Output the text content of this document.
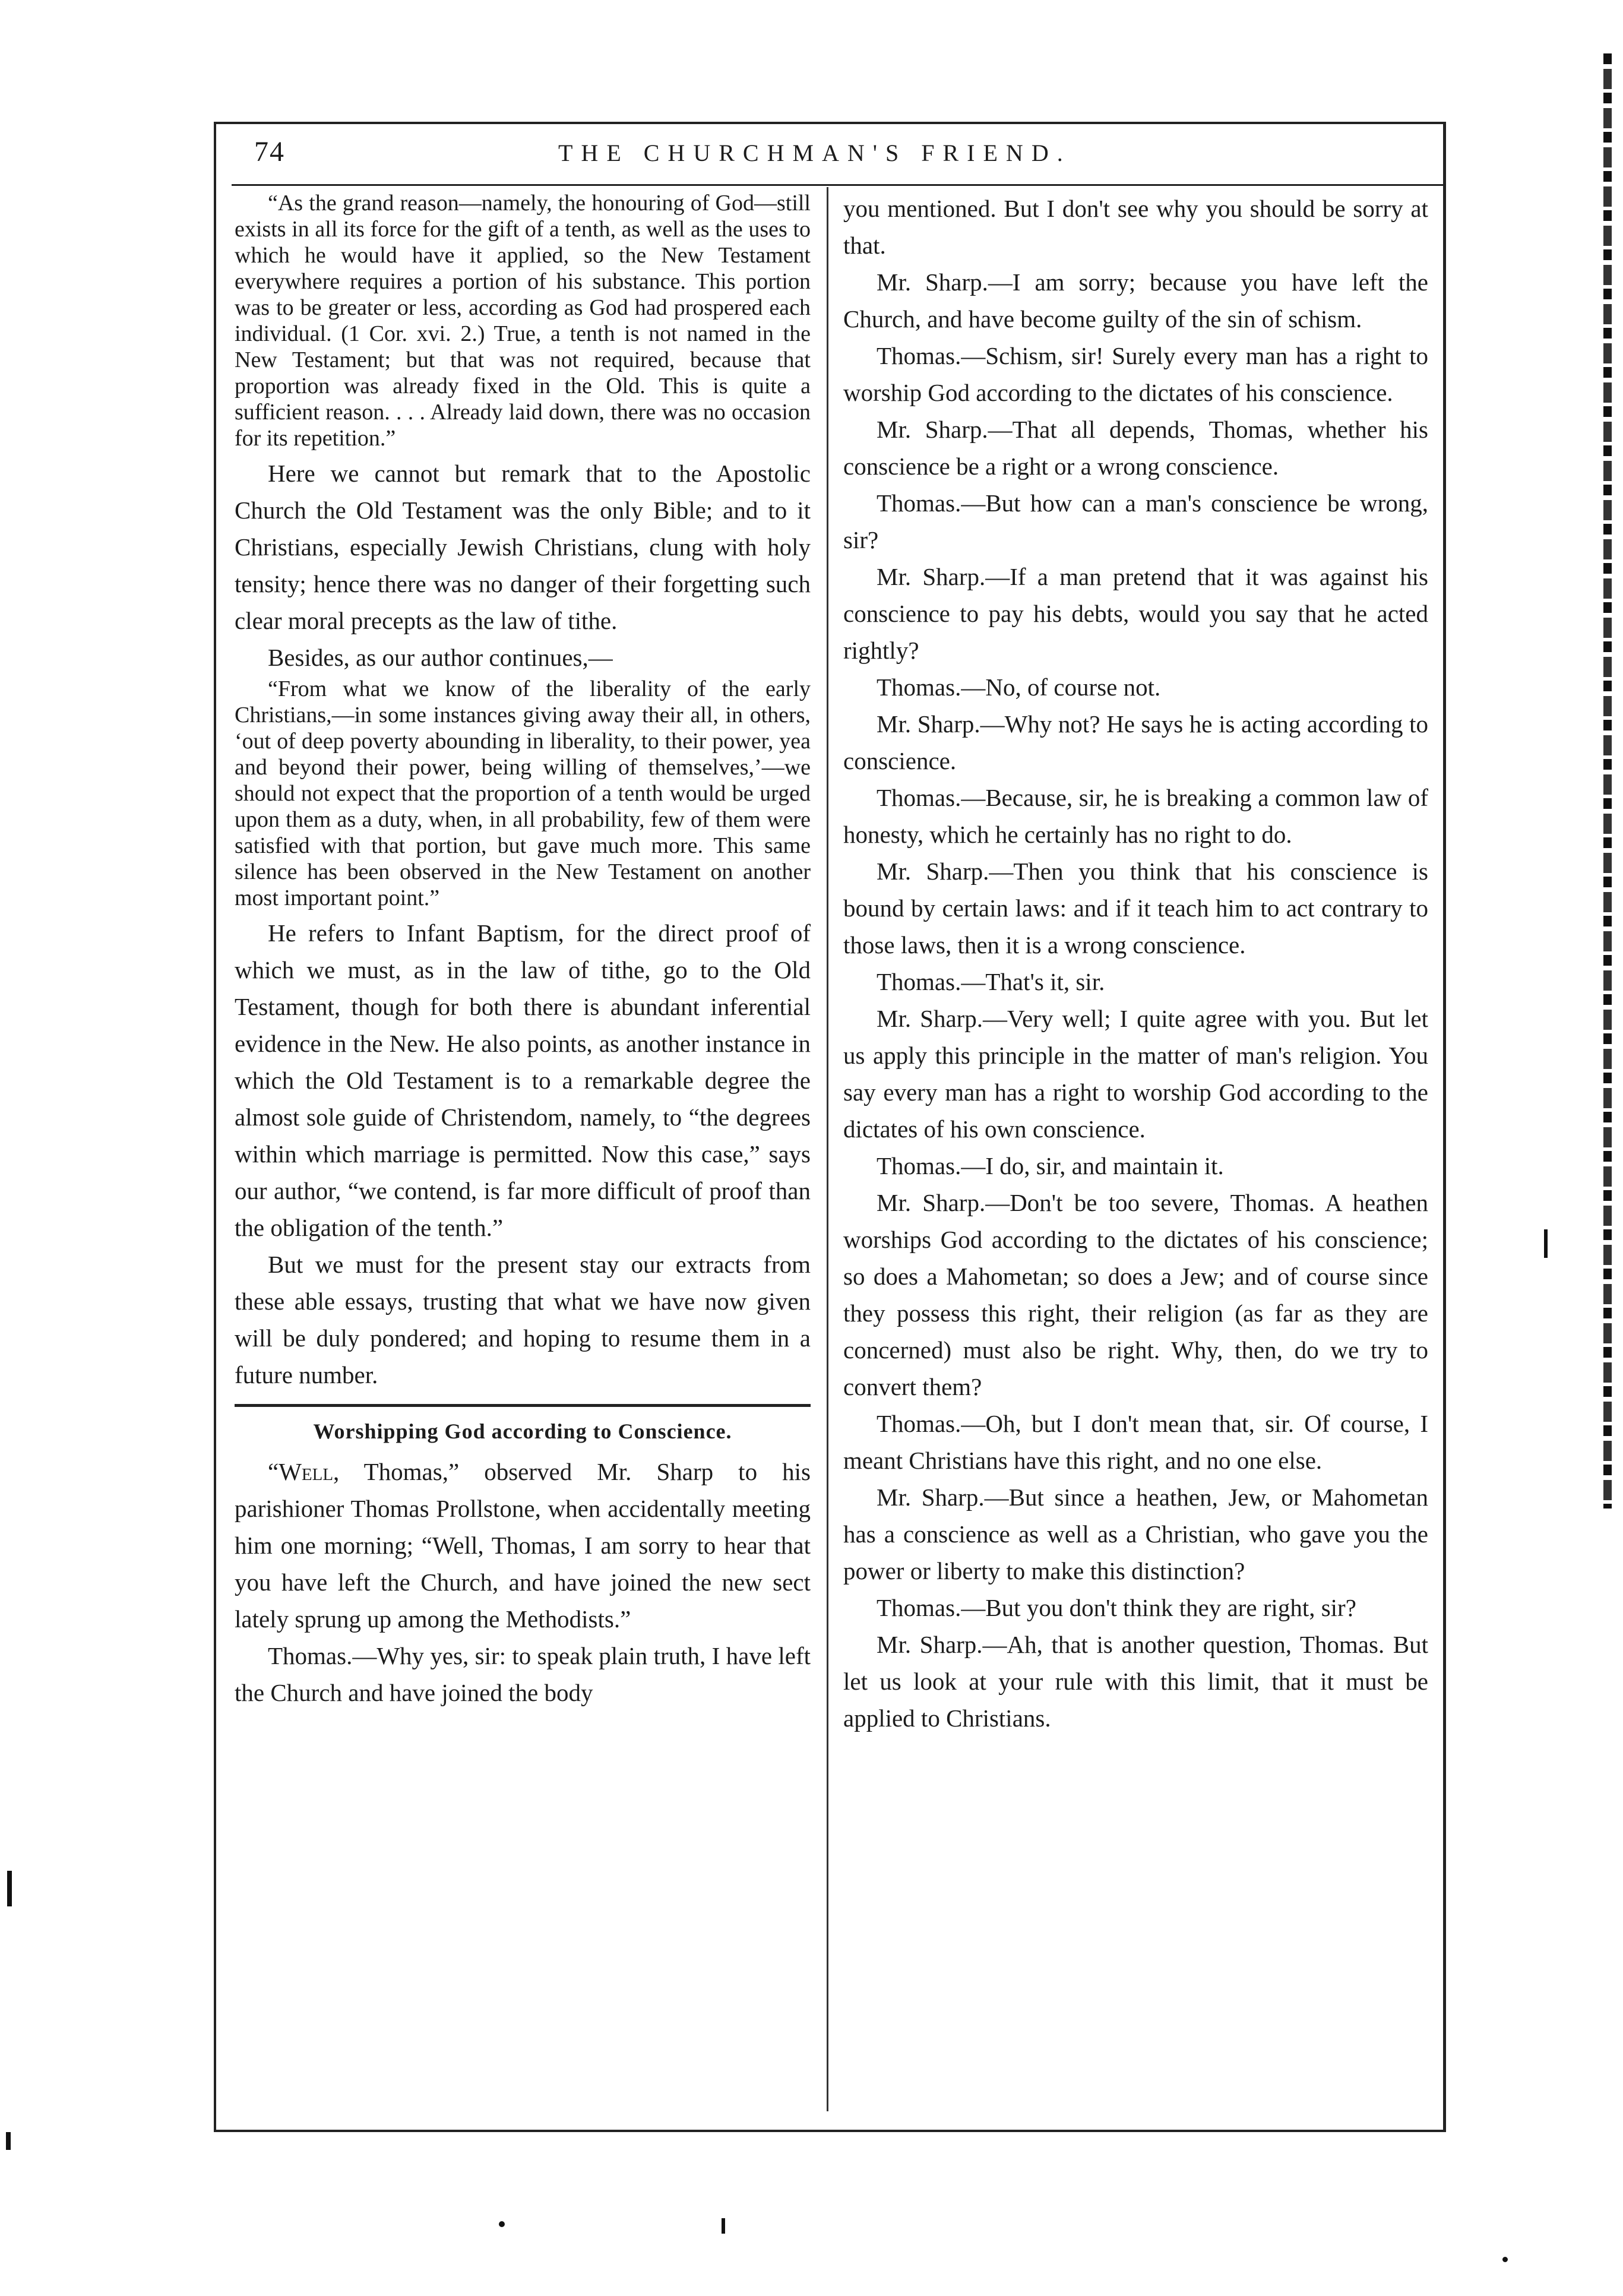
74	THE CHURCHMAN'S FRIEND.

“As the grand reason—namely, the honouring of God—still exists in all its force for the gift of a tenth, as well as the uses to which he would have it applied, so the New Testament everywhere requires a portion of his substance. This portion was to be greater or less, according as God had prospered each individual. (1 Cor. xvi. 2.) True, a tenth is not named in the New Testament; but that was not required, because that proportion was already fixed in the Old. This is quite a sufficient reason. . . . Already laid down, there was no occasion for its repetition.”

Here we cannot but remark that to the Apostolic Church the Old Testament was the only Bible; and to it Christians, especially Jewish Christians, clung with holy tensity; hence there was no danger of their forgetting such clear moral precepts as the law of tithe.

Besides, as our author continues,—

“From what we know of the liberality of the early Christians,—in some instances giving away their all, in others, ‘out of deep poverty abounding in liberality, to their power, yea and beyond their power, being willing of themselves,’—we should not expect that the proportion of a tenth would be urged upon them as a duty, when, in all probability, few of them were satisfied with that portion, but gave much more. This same silence has been observed in the New Testament on another most important point.”

He refers to Infant Baptism, for the direct proof of which we must, as in the law of tithe, go to the Old Testament, though for both there is abundant inferential evidence in the New. He also points, as another instance in which the Old Testament is to a remarkable degree the almost sole guide of Christendom, namely, to “the degrees within which marriage is permitted. Now this case,” says our author, “we contend, is far more difficult of proof than the obligation of the tenth.”

But we must for the present stay our extracts from these able essays, trusting that what we have now given will be duly pondered; and hoping to resume them in a future number.

Worshipping God according to Conscience.

“Well, Thomas,” observed Mr. Sharp to his parishioner Thomas Prollstone, when accidentally meeting him one morning; “Well, Thomas, I am sorry to hear that you have left the Church, and have joined the new sect lately sprung up among the Methodists.”

Thomas.—Why yes, sir: to speak plain truth, I have left the Church and have joined the body

you mentioned. But I don't see why you should be sorry at that.

Mr. Sharp.—I am sorry; because you have left the Church, and have become guilty of the sin of schism.

Thomas.—Schism, sir! Surely every man has a right to worship God according to the dictates of his conscience.

Mr. Sharp.—That all depends, Thomas, whether his conscience be a right or a wrong conscience.

Thomas.—But how can a man's conscience be wrong, sir?

Mr. Sharp.—If a man pretend that it was against his conscience to pay his debts, would you say that he acted rightly?

Thomas.—No, of course not.

Mr. Sharp.—Why not? He says he is acting according to conscience.

Thomas.—Because, sir, he is breaking a common law of honesty, which he certainly has no right to do.

Mr. Sharp.—Then you think that his conscience is bound by certain laws: and if it teach him to act contrary to those laws, then it is a wrong conscience.

Thomas.—That's it, sir.

Mr. Sharp.—Very well; I quite agree with you. But let us apply this principle in the matter of man's religion. You say every man has a right to worship God according to the dictates of his own conscience.

Thomas.—I do, sir, and maintain it.

Mr. Sharp.—Don't be too severe, Thomas. A heathen worships God according to the dictates of his conscience; so does a Mahometan; so does a Jew; and of course since they possess this right, their religion (as far as they are concerned) must also be right. Why, then, do we try to convert them?

Thomas.—Oh, but I don't mean that, sir. Of course, I meant Christians have this right, and no one else.

Mr. Sharp.—But since a heathen, Jew, or Mahometan has a conscience as well as a Christian, who gave you the power or liberty to make this distinction?

Thomas.—But you don't think they are right, sir?

Mr. Sharp.—Ah, that is another question, Thomas. But let us look at your rule with this limit, that it must be applied to Christians.
